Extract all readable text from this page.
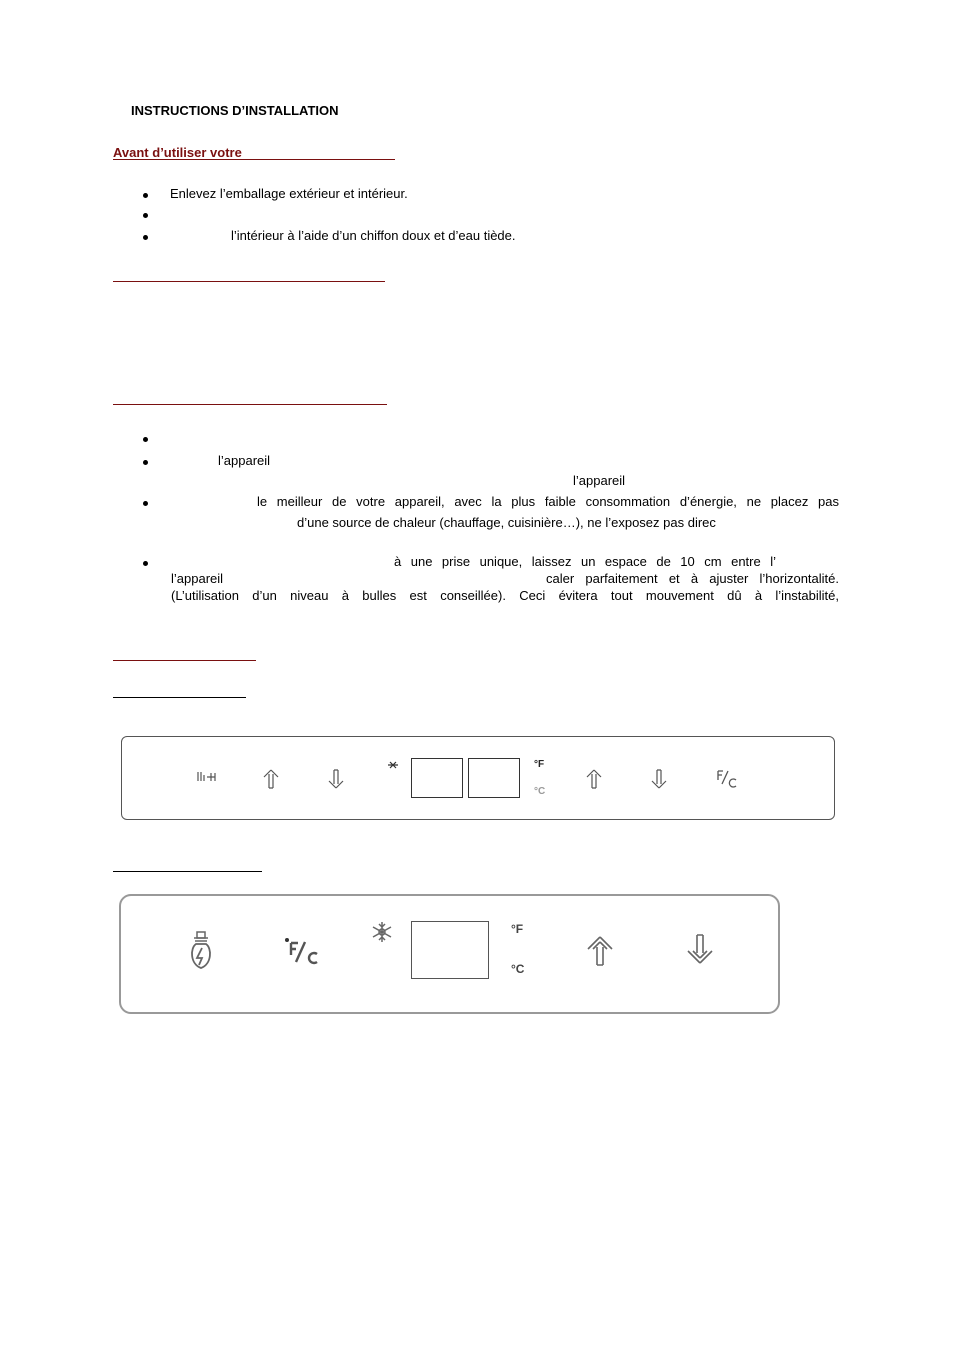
INSTRUCTIONS D’INSTALLATION
Avant d’utiliser votre
Enlevez l’emballage extérieur et intérieur.
l’intérieur à l’aide d’un chiffon doux et d’eau tiède.
l’appareil
l’appareil
le meilleur de votre appareil, avec la plus faible consommation d’énergie, ne placez pas
d’une source de chaleur (chauffage, cuisinière…), ne l’exposez pas direc
à une prise unique, laissez un espace de 10 cm entre l’
l’appareil	caler parfaitement et à ajuster l’horizontalité.
(L’utilisation d’un niveau à bulles est conseillée). Ceci évitera tout mouvement dû à l’instabilité,
°F
°C
°F
°C
